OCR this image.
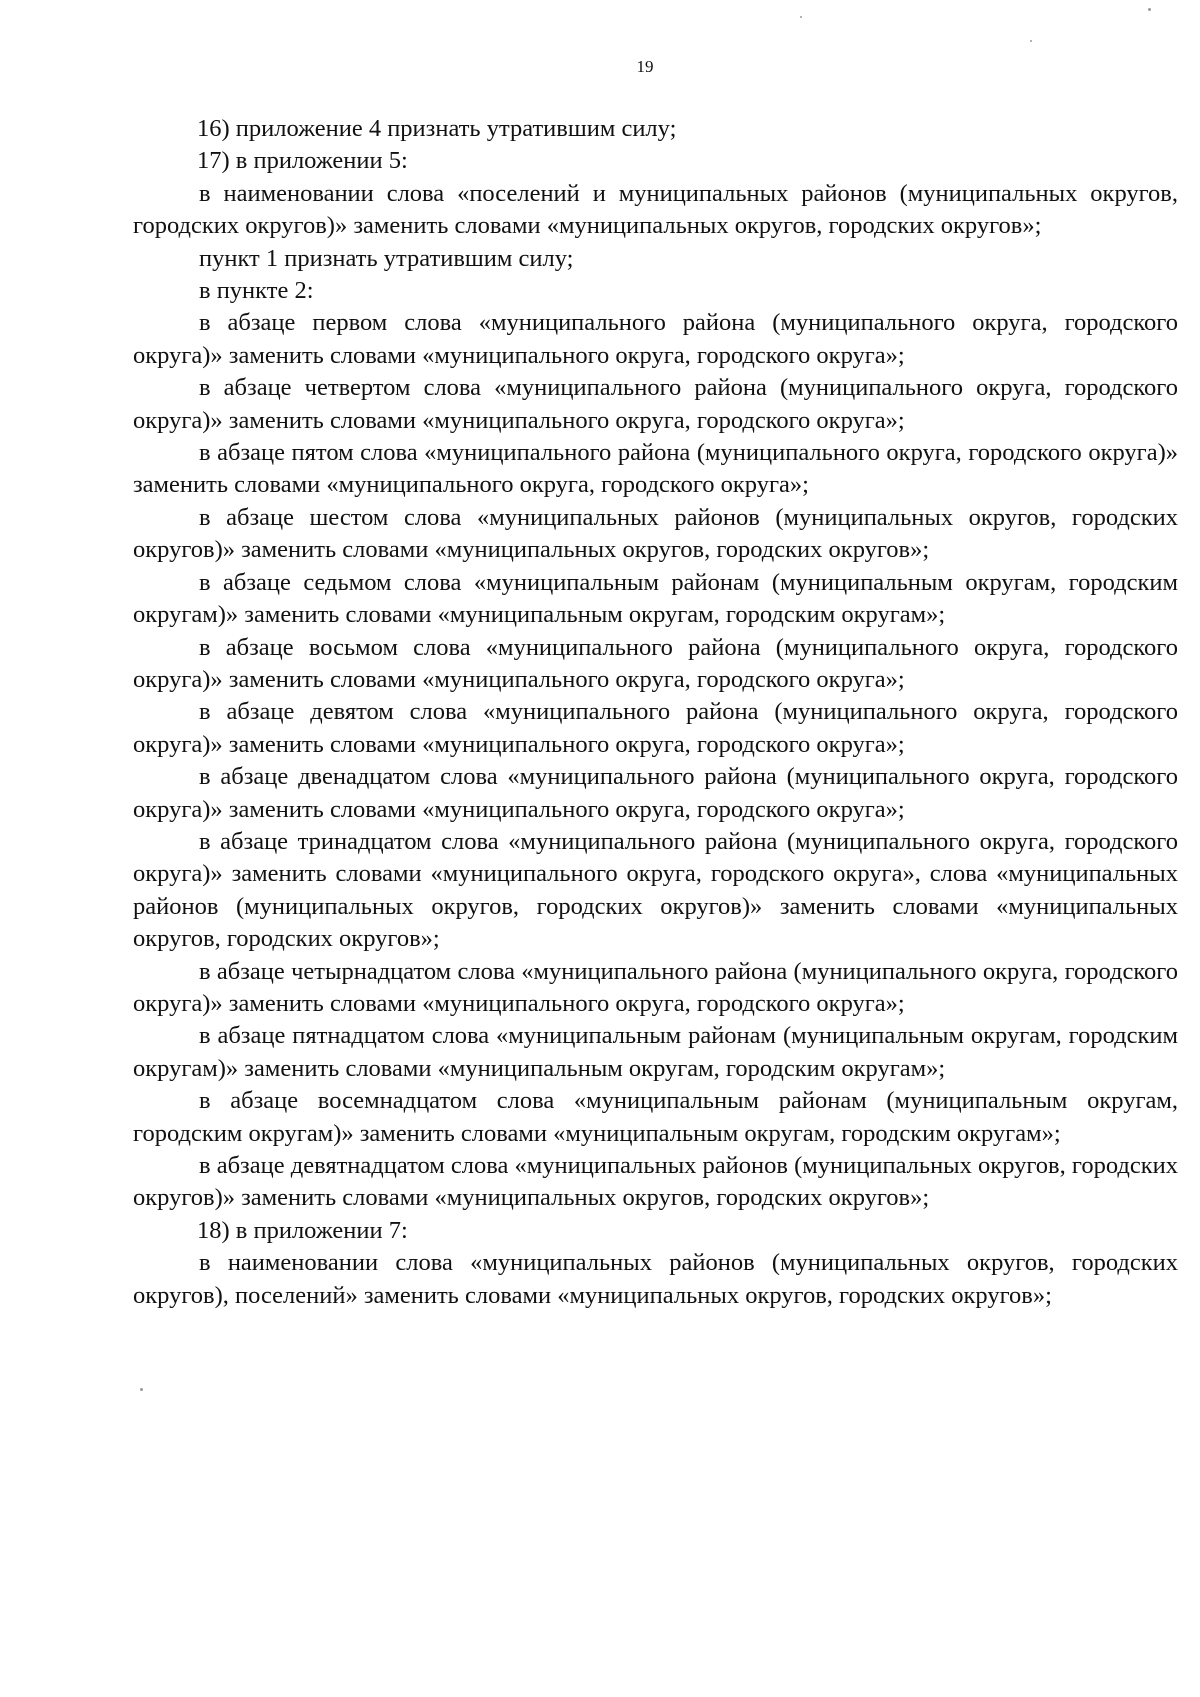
19

16) приложение 4 признать утратившим силу;

17) в приложении 5:

в наименовании слова «поселений и муниципальных районов (муниципальных округов, городских округов)» заменить словами «муниципальных округов, городских округов»;

пункт 1 признать утратившим силу;

в пункте 2:

в абзаце первом слова «муниципального района (муниципального округа, городского округа)» заменить словами «муниципального округа, городского округа»;

в абзаце четвертом слова «муниципального района (муниципального округа, городского округа)» заменить словами «муниципального округа, городского округа»;

в абзаце пятом слова «муниципального района (муниципального округа, городского округа)» заменить словами «муниципального округа, городского округа»;

в абзаце шестом слова «муниципальных районов (муниципальных округов, городских округов)» заменить словами «муниципальных округов, городских округов»;

в абзаце седьмом слова «муниципальным районам (муниципальным округам, городским округам)» заменить словами «муниципальным округам, городским округам»;

в абзаце восьмом слова «муниципального района (муниципального округа, городского округа)» заменить словами «муниципального округа, городского округа»;

в абзаце девятом слова «муниципального района (муниципального округа, городского округа)» заменить словами «муниципального округа, городского округа»;

в абзаце двенадцатом слова «муниципального района (муниципального округа, городского округа)» заменить словами «муниципального округа, городского округа»;

в абзаце тринадцатом слова «муниципального района (муниципального округа, городского округа)» заменить словами «муниципального округа, городского округа», слова «муниципальных районов (муниципальных округов, городских округов)» заменить словами «муниципальных округов, городских округов»;

в абзаце четырнадцатом слова «муниципального района (муниципального округа, городского округа)» заменить словами «муниципального округа, городского округа»;

в абзаце пятнадцатом слова «муниципальным районам (муниципальным округам, городским округам)» заменить словами «муниципальным округам, городским округам»;

в абзаце восемнадцатом слова «муниципальным районам (муниципальным округам, городским округам)» заменить словами «муниципальным округам, городским округам»;

в абзаце девятнадцатом слова «муниципальных районов (муниципальных округов, городских округов)» заменить словами «муниципальных округов, городских округов»;

18) в приложении 7:

в наименовании слова «муниципальных районов (муниципальных округов, городских округов), поселений» заменить словами «муниципальных округов, городских округов»;
